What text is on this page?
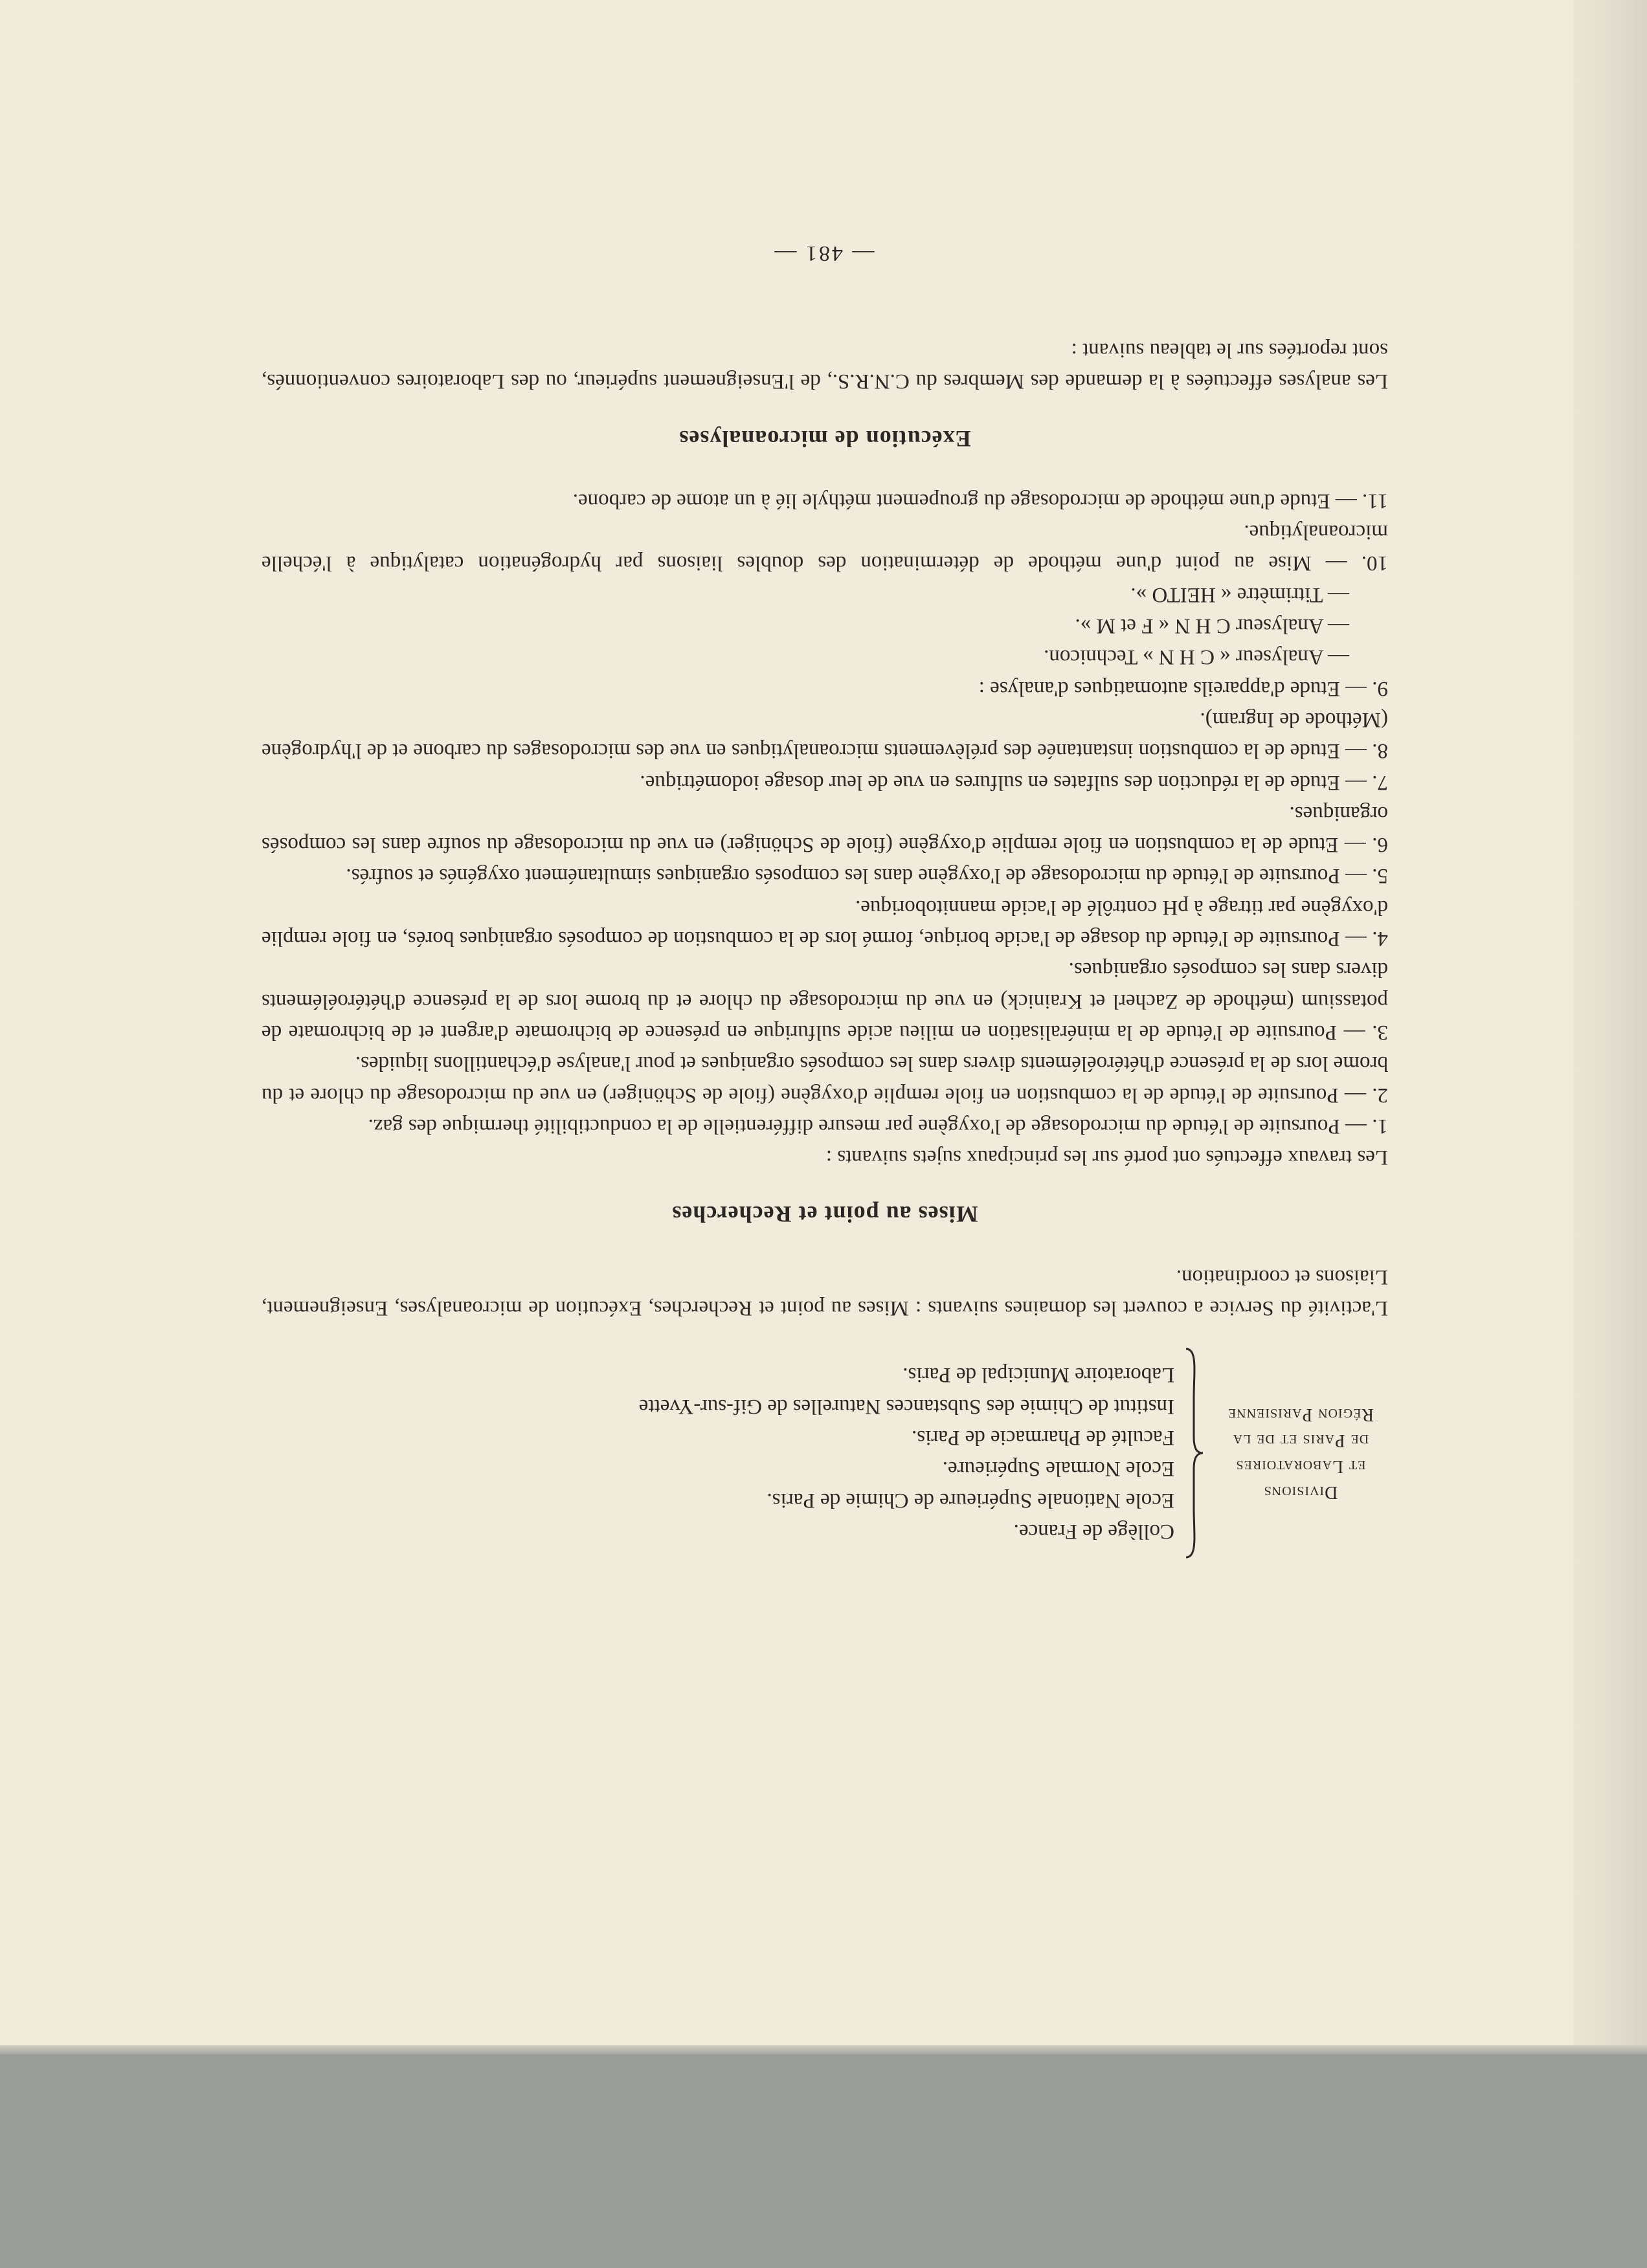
Divisions
et Laboratoires
de Paris et de la
Région Parisienne
Collège de France.
Ecole Nationale Supérieure de Chimie de Paris.
Ecole Normale Supérieure.
Faculté de Pharmacie de Paris.
Institut de Chimie des Substances Naturelles de Gif-sur-Yvette
Laboratoire Municipal de Paris.

L'activité du Service a couvert les domaines suivants : Mises au point et Recherches, Exécution de microanalyses, Enseignement, Liaisons et coordination.

Mises au point et Recherches

Les travaux effectués ont porté sur les principaux sujets suivants :

1. — Poursuite de l'étude du microdosage de l'oxygène par mesure différentielle de la conductibilité thermique des gaz.

2. — Poursuite de l'étude de la combustion en fiole remplie d'oxygène (fiole de Schöniger) en vue du microdosage du chlore et du brome lors de la présence d'hétéroéléments divers dans les composés organiques et pour l'analyse d'échantillons liquides.

3. — Poursuite de l'étude de la minéralisation en milieu acide sulfurique en présence de bichromate d'argent et de bichromate de potassium (méthode de Zacherl et Krainick) en vue du microdosage du chlore et du brome lors de la présence d'hétéroéléments divers dans les composés organiques.

4. — Poursuite de l'étude du dosage de l'acide borique, formé lors de la combustion de composés organiques borés, en fiole remplie d'oxygène par titrage à pH contrôlé de l'acide mannitoborique.

5. — Poursuite de l'étude du microdosage de l'oxygène dans les composés organiques simultanément oxygénés et soufrés.

6. — Etude de la combustion en fiole remplie d'oxygène (fiole de Schöniger) en vue du microdosage du soufre dans les composés organiques.

7. — Etude de la réduction des sulfates en sulfures en vue de leur dosage iodométrique.

8. — Etude de la combustion instantanée des prélèvements microanalytiques en vue des microdosages du carbone et de l'hydrogène (Méthode de Ingram).

9. — Etude d'appareils automatiques d'analyse :

— Analyseur « C H N » Technicon.

— Analyseur C H N « F et M ».

— Titrimètre « HEITO ».

10. — Mise au point d'une méthode de détermination des doubles liaisons par hydrogénation catalytique à l'échelle microanalytique.

11. — Etude d'une méthode de microdosage du groupement méthyle lié à un atome de carbone.

Exécution de microanalyses

Les analyses effectuées à la demande des Membres du C.N.R.S., de l'Enseignement supérieur, ou des Laboratoires conventionnés, sont reportées sur le tableau suivant :

— 481 —
